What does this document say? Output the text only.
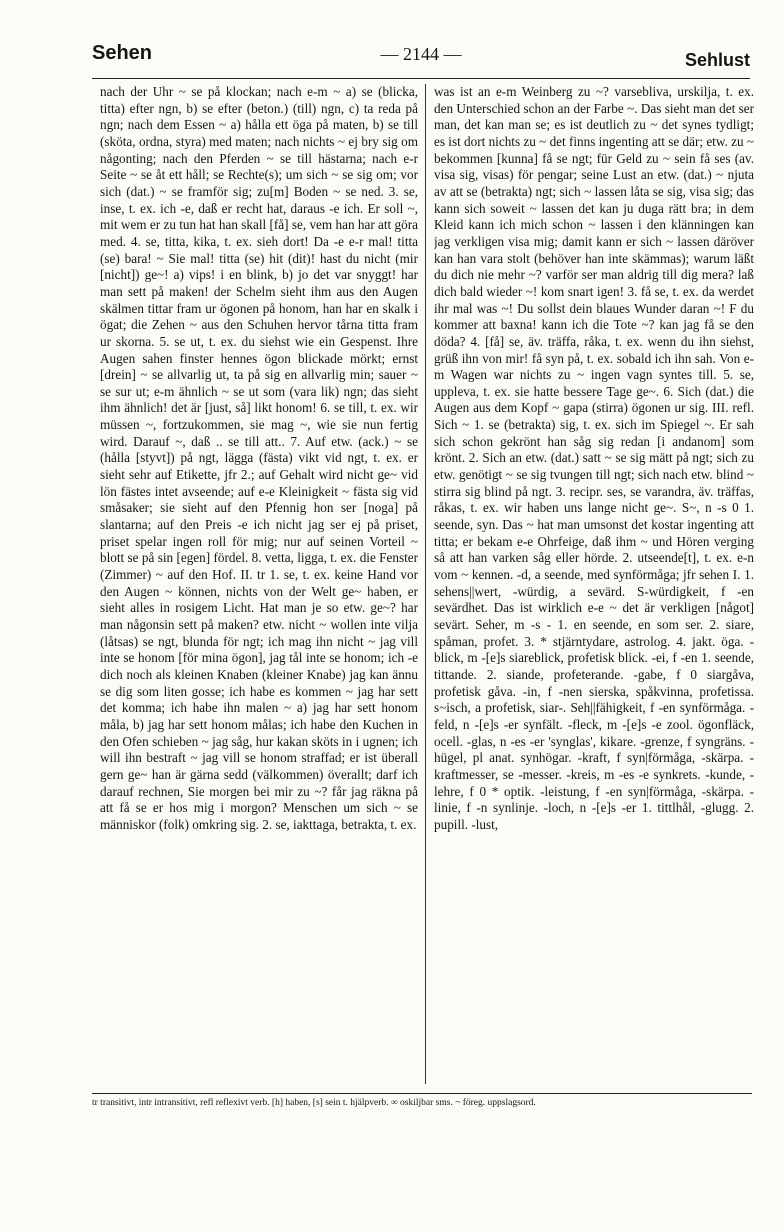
Sehen	— 2144 —	Sehlust

nach der Uhr ~ se på klockan; nach e-m ~ a) se (blicka, titta) efter ngn, b) se efter (beton.) (till) ngn, c) ta reda på ngn; nach dem Essen ~ a) hålla ett öga på maten, b) se till (sköta, ordna, styra) med maten; nach nichts ~ ej bry sig om någonting; nach den Pferden ~ se till hästarna; nach e-r Seite ~ se åt ett håll; se Rechte(s); um sich ~ se sig om; vor sich (dat.) ~ se framför sig; zu[m] Boden ~ se ned. 3. se, inse, t. ex. ich -e, daß er recht hat, daraus -e ich. Er soll ~, mit wem er zu tun hat han skall [få] se, vem han har att göra med. 4. se, titta, kika, t. ex. sieh dort! Da -e e-r mal! titta (se) bara! ~ Sie mal! titta (se) hit (dit)! hast du nicht (mir [nicht]) ge~! a) vips! i en blink, b) jo det var snyggt! har man sett på maken! der Schelm sieht ihm aus den Augen skälmen tittar fram ur ögonen på honom, han har en skalk i ögat; die Zehen ~ aus den Schuhen hervor tårna titta fram ur skorna. 5. se ut, t. ex. du siehst wie ein Gespenst. Ihre Augen sahen finster hennes ögon blickade mörkt; ernst [drein] ~ se allvarlig ut, ta på sig en allvarlig min; sauer ~ se sur ut; e-m ähnlich ~ se ut som (vara lik) ngn; das sieht ihm ähnlich! det är [just, så] likt honom! 6. se till, t. ex. wir müssen ~, fortzukommen, sie mag ~, wie sie nun fertig wird. Darauf ~, daß .. se till att.. 7. Auf etw. (ack.) ~ se (hålla [styvt]) på ngt, lägga (fästa) vikt vid ngt, t. ex. er sieht sehr auf Etikette, jfr 2.; auf Gehalt wird nicht ge~ vid lön fästes intet avseende; auf e-e Kleinigkeit ~ fästa sig vid småsaker; sie sieht auf den Pfennig hon ser [noga] på slantarna; auf den Preis -e ich nicht jag ser ej på priset, priset spelar ingen roll för mig; nur auf seinen Vorteil ~ blott se på sin [egen] fördel. 8. vetta, ligga, t. ex. die Fenster (Zimmer) ~ auf den Hof. II. tr 1. se, t. ex. keine Hand vor den Augen ~ können, nichts von der Welt ge~ haben, er sieht alles in rosigem Licht. Hat man je so etw. ge~? har man någonsin sett på maken? etw. nicht ~ wollen inte vilja (låtsas) se ngt, blunda för ngt; ich mag ihn nicht ~ jag vill inte se honom [för mina ögon], jag tål inte se honom; ich -e dich noch als kleinen Knaben (kleiner Knabe) jag kan ännu se dig som liten gosse; ich habe es kommen ~ jag har sett det komma; ich habe ihn malen ~ a) jag har sett honom måla, b) jag har sett honom målas; ich habe den Kuchen in den Ofen schieben ~ jag såg, hur kakan sköts in i ugnen; ich will ihn bestraft ~ jag vill se honom straffad; er ist überall gern ge~ han är gärna sedd (välkommen) överallt; darf ich darauf rechnen, Sie morgen bei mir zu ~? får jag räkna på att få se er hos mig i morgon? Menschen um sich ~ se människor (folk) omkring sig. 2. se, iakttaga, betrakta, t. ex.

was ist an e-m Weinberg zu ~? varsebliva, urskilja, t. ex. den Unterschied schon an der Farbe ~. Das sieht man det ser man, det kan man se; es ist deutlich zu ~ det synes tydligt; es ist dort nichts zu ~ det finns ingenting att se där; etw. zu ~ bekommen [kunna] få se ngt; für Geld zu ~ sein få ses (av. visa sig, visas) för pengar; seine Lust an etw. (dat.) ~ njuta av att se (betrakta) ngt; sich ~ lassen låta se sig, visa sig; das kann sich soweit ~ lassen det kan ju duga rätt bra; in dem Kleid kann ich mich schon ~ lassen i den klänningen kan jag verkligen visa mig; damit kann er sich ~ lassen däröver kan han vara stolt (behöver han inte skämmas); warum läßt du dich nie mehr ~? varför ser man aldrig till dig mera? laß dich bald wieder ~! kom snart igen! 3. få se, t. ex. da werdet ihr mal was ~! Du sollst dein blaues Wunder daran ~! F du kommer att baxna! kann ich die Tote ~? kan jag få se den döda? 4. [få] se, äv. träffa, råka, t. ex. wenn du ihn siehst, grüß ihn von mir! få syn på, t. ex. sobald ich ihn sah. Von e-m Wagen war nichts zu ~ ingen vagn syntes till. 5. se, uppleva, t. ex. sie hatte bessere Tage ge~. 6. Sich (dat.) die Augen aus dem Kopf ~ gapa (stirra) ögonen ur sig. III. refl. Sich ~ 1. se (betrakta) sig, t. ex. sich im Spiegel ~. Er sah sich schon gekrönt han såg sig redan [i andanom] som krönt. 2. Sich an etw. (dat.) satt ~ se sig mätt på ngt; sich zu etw. genötigt ~ se sig tvungen till ngt; sich nach etw. blind ~ stirra sig blind på ngt. 3. recipr. ses, se varandra, äv. träffas, råkas, t. ex. wir haben uns lange nicht ge~. S~, n -s 0 1. seende, syn. Das ~ hat man umsonst det kostar ingenting att titta; er bekam e-e Ohrfeige, daß ihm ~ und Hören verging så att han varken såg eller hörde. 2. utseende[t], t. ex. e-n vom ~ kennen. -d, a seende, med synförmåga; jfr sehen I. 1. sehens||wert, -würdig, a sevärd. S-würdigkeit, f -en sevärdhet. Das ist wirklich e-e ~ det är verkligen [något] sevärt. Seher, m -s - 1. en seende, en som ser. 2. siare, spåman, profet. 3. * stjärntydare, astrolog. 4. jakt. öga. -blick, m -[e]s siareblick, profetisk blick. -ei, f -en 1. seende, tittande. 2. siande, profeterande. -gabe, f 0 siargåva, profetisk gåva. -in, f -nen sierska, spåkvinna, profetissa. s~isch, a profetisk, siar-. Seh||fähigkeit, f -en synförmåga. -feld, n -[e]s -er synfält. -fleck, m -[e]s -e zool. ögonfläck, ocell. -glas, n -es -er 'synglas', kikare. -grenze, f syngräns. -hügel, pl anat. synhögar. -kraft, f syn|förmåga, -skärpa. -kraftmesser, se -messer. -kreis, m -es -e synkrets. -kunde, -lehre, f 0 * optik. -leistung, f -en syn|förmåga, -skärpa. -linie, f -n synlinje. -loch, n -[e]s -er 1. tittlhål, -glugg. 2. pupill. -lust,

tr transitivt, intr intransitivt, refl reflexivt verb. [h] haben, [s] sein t. hjälpverb. ∞ oskiljbar sms. ~ föreg. uppslagsord.
